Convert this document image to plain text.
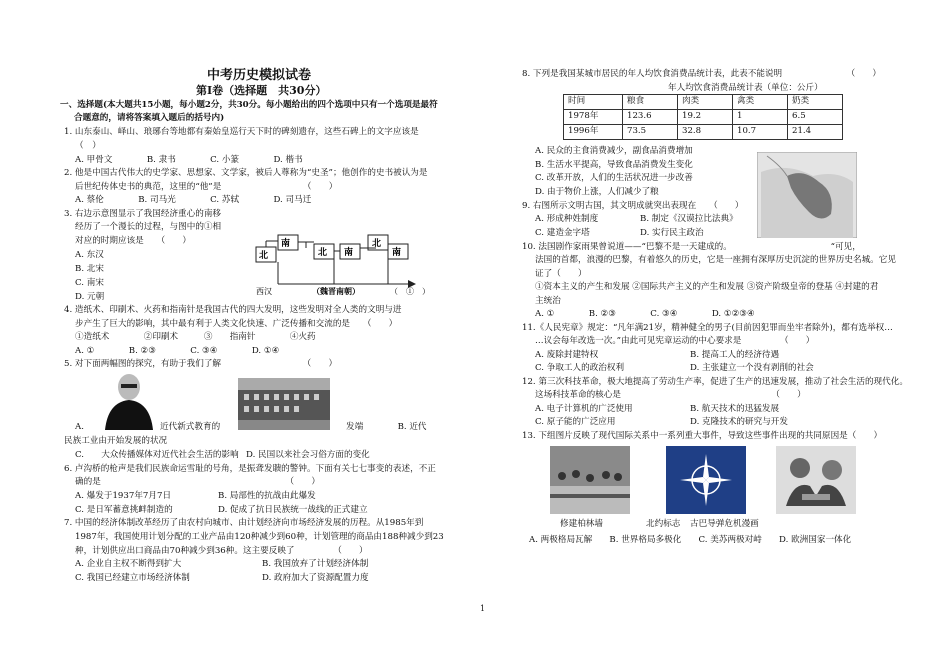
中考历史模拟试卷
第Ⅰ卷（选择题　共30分）
一、选择题(本大题共15小题，每小题2分，共30分。每小题给出的四个选项中只有一个选项是最符
合题意的，请将答案填入题后的括号内)
1. 山东泰山、峄山、琅琊台等地都有秦始皇巡行天下时的碑刻遗存，这些石碑上的文字应该是
（　）
A. 甲骨文　　　　B. 隶书　　　　C. 小篆　　　　D. 楷书
2. 他是中国古代伟大的史学家、思想家、文学家，被后人尊称为“史圣”；他创作的史书被认为是
后世纪传体史书的典范，这里的“他”是　　　　　　　　　　（　　）
A. 蔡伦　　　　B. 司马光　　　　C. 苏轼　　　　D. 司马迁
3. 右边示意图显示了我国经济重心的南移
经历了一个漫长的过程，与图中的①相
对应的时期应该是　　（　　）
A. 东汉
B. 北宋
C. 南宋
D. 元朝
北
南
北 南
北
南
西汉	（魏晋南朝）	（　①　）
4. 造纸术、印刷术、火药和指南针是我国古代的四大发明，这些发明对全人类的文明与进
步产生了巨大的影响，其中最有利于人类文化快速、广泛传播和交流的是　　（　　）
①造纸术　　　　②印刷术　　　③　　指南针　　　　④火药
A. ①　　　　B. ②③　　　　C. ③④　　　　D. ①④
5. 对下面两幅图的探究，有助于我们了解　　　　　　　　　　（　　）
A.	近代新式教育的	发端　　　　B. 近代
民族工业由开始发展的状况
C.　　大众传播媒体对近代社会生活的影响 D. 民国以来社会习俗方面的变化
6. 卢沟桥的枪声是我们民族命运雪耻的号角，是振聋发聩的警钟。下面有关七七事变的表述，不正
确的是　　　　　　　　　　　　　　　　　　　　　　（　　）
A. 爆发于1937年7月7日	B. 局部性的抗战由此爆发
C. 是日军蓄意挑衅制造的	D. 促成了抗日民族统一战线的正式建立
7. 中国的经济体制改革经历了由农村向城市、由计划经济向市场经济发展的历程。从1985年到
1987年，我国使用计划分配的工业产品由120种减少到60种，计划管理的商品由188种减少到23
种，计划供应出口商品由70种减少到36种。这主要反映了　　　　　（　　）
A. 企业自主权不断得到扩大	B. 我国放弃了计划经济体制
C. 我国已经建立市场经济体制	D. 政府加大了资源配置力度
8. 下列是我国某城市居民的年人均饮食消费品统计表，此表不能说明　　　　　　　　（　　）
年人均饮食消费品统计表（单位：公斤）
时间	粮食	肉类	禽类	奶类
1978年	123.6	19.2	1	6.5
1996年	73.5	32.8	10.7	21.4
A. 民众的主食消费减少，副食品消费增加
B. 生活水平提高，导致食品消费发生变化
C. 改革开放，人们的生活状况进一步改善
D. 由于物价上涨，人们减少了粮
9. 右图所示文明古国，其文明成就突出表现在　　（　　）
A. 形成种姓制度	B. 制定《汉谟拉比法典》
C. 建造金字塔	D. 实行民主政治
10. 法国剧作家雨果曾说道——“巴黎不是一天建成的。　　　　　　　　　　　　“可见，
法国的首都，浪漫的巴黎，有着悠久的历史，它是一座拥有深厚历史沉淀的世界历史名城。它见
证了（　　）
①资本主义的产生和发展 ②国际共产主义的产生和发展 ③资产阶级皇帝的登基 ④封建的君
主统治
A. ①　　　　B. ②③　　　　C. ③④　　　　D. ①②③④
11.《人民宪章》规定：“凡年满21岁，精神健全的男子(目前因犯罪而坐牢者除外)，都有选举权…
…议会每年改选一次。”由此可见宪章运动的中心要求是　　　　　（　　）
A. 废除封建特权	B. 提高工人的经济待遇
C. 争取工人的政治权利	D. 主张建立一个没有剥削的社会
12. 第三次科技革命，极大地提高了劳动生产率，促进了生产的迅速发展，推动了社会生活的现代化。
这场科技革命的核心是　　　　　　　　　　　　　　　　　　（　　）
A. 电子计算机的广泛使用	B. 航天技术的迅猛发展
C. 原子能的广泛应用	D. 克隆技术的研究与开发
13. 下组图片反映了现代国际关系中一系列重大事件，导致这些事件出现的共同原因是（　　）
修建柏林墙	北约标志 古巴导弹危机漫画
A. 两极格局瓦解　　B. 世界格局多极化　　C. 美苏两极对峙　　D. 欧洲国家一体化
1
